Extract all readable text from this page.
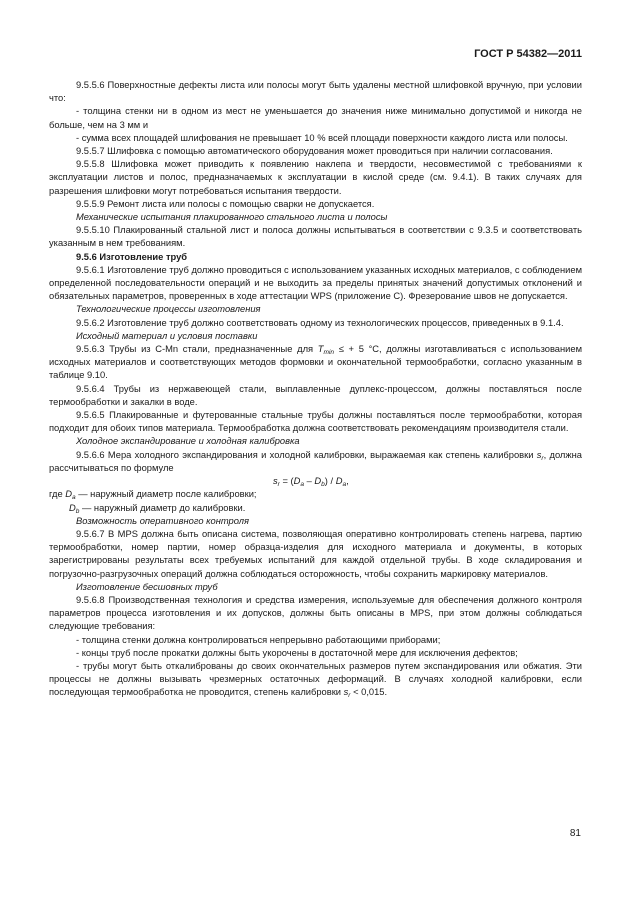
ГОСТ Р 54382—2011

9.5.5.6 Поверхностные дефекты листа или полосы могут быть удалены местной шлифовкой вручную, при условии что:

- толщина стенки ни в одном из мест не уменьшается до значения ниже минимально допустимой и никогда не больше, чем на 3 мм и

- сумма всех площадей шлифования не превышает 10 % всей площади поверхности каждого листа или полосы.

9.5.5.7 Шлифовка с помощью автоматического оборудования может проводиться при наличии согласования.

9.5.5.8 Шлифовка может приводить к появлению наклепа и твердости, несовместимой с требованиями к эксплуатации листов и полос, предназначаемых к эксплуатации в кислой среде (см. 9.4.1). В таких случаях для разрешения шлифовки могут потребоваться испытания твердости.

9.5.5.9 Ремонт листа или полосы с помощью сварки не допускается.

Механические испытания плакированного стального листа и полосы

9.5.5.10 Плакированный стальной лист и полоса должны испытываться в соответствии с 9.3.5 и соответствовать указанным в нем требованиям.

9.5.6 Изготовление труб

9.5.6.1 Изготовление труб должно проводиться с использованием указанных исходных материалов, с соблюдением определенной последовательности операций и не выходить за пределы принятых значений допустимых отклонений и обязательных параметров, проверенных в ходе аттестации WPS (приложение С). Фрезерование швов не допускается.

Технологические процессы изготовления

9.5.6.2 Изготовление труб должно соответствовать одному из технологических процессов, приведенных в 9.1.4.

Исходный материал и условия поставки

9.5.6.3 Трубы из С-Mn стали, предназначенные для $T_{min}$ ≤ + 5 °С, должны изготавливаться с использованием исходных материалов и соответствующих методов формовки и окончательной термообработки, согласно указанным в таблице 9.10.

9.5.6.4 Трубы из нержавеющей стали, выплавленные дуплекс-процессом, должны поставляться после термообработки и закалки в воде.

9.5.6.5 Плакированные и футерованные стальные трубы должны поставляться после термообработки, которая подходит для обоих типов материала. Термообработка должна соответствовать рекомендациям производителя стали.

Холодное экспандирование и холодная калибровка

9.5.6.6 Мера холодного экспандирования и холодной калибровки, выражаемая как степень калибровки $s_r$, должна рассчитываться по формуле

$s_r = (D_a - D_b) / D_a$,

где $D_a$ — наружный диаметр после калибровки;

$D_b$ — наружный диаметр до калибровки.

Возможность оперативного контроля

9.5.6.7 В MPS должна быть описана система, позволяющая оперативно контролировать степень нагрева, партию термообработки, номер партии, номер образца-изделия для исходного материала и документы, в которых зарегистрированы результаты всех требуемых испытаний для каждой отдельной трубы. В ходе складирования и погрузочно-разгрузочных операций должна соблюдаться осторожность, чтобы сохранить маркировку материалов.

Изготовление бесшовных труб

9.5.6.8 Производственная технология и средства измерения, используемые для обеспечения должного контроля параметров процесса изготовления и их допусков, должны быть описаны в MPS, при этом должны соблюдаться следующие требования:

- толщина стенки должна контролироваться непрерывно работающими приборами;

- концы труб после прокатки должны быть укорочены в достаточной мере для исключения дефектов;

- трубы могут быть откалиброваны до своих окончательных размеров путем экспандирования или обжатия. Эти процессы не должны вызывать чрезмерных остаточных деформаций. В случаях холодной калибровки, если последующая термообработка не проводится, степень калибровки $s_r < 0,015$.

81
